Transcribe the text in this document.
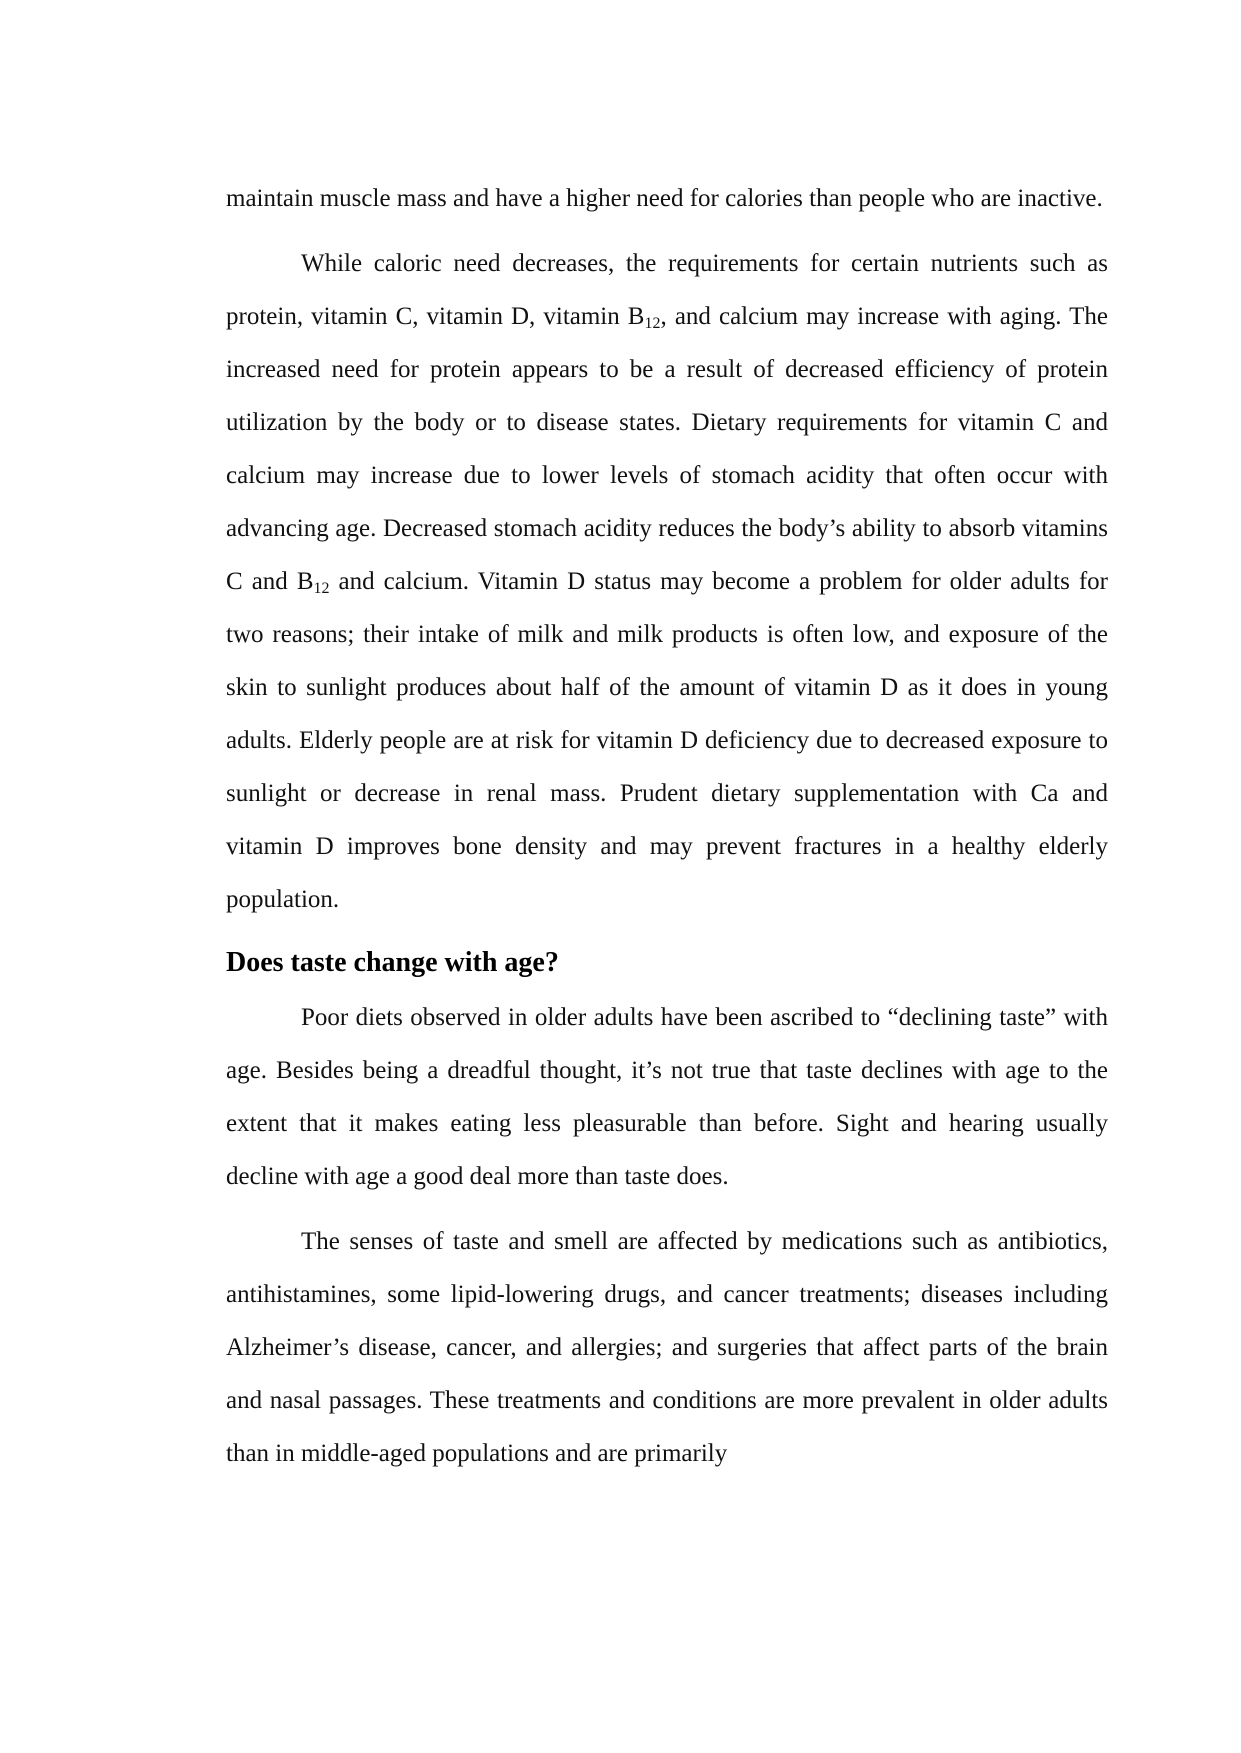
maintain muscle mass and have a higher need for calories than people who are inactive.

While caloric need decreases, the requirements for certain nutrients such as protein, vitamin C, vitamin D, vitamin $B_{12}$, and calcium may increase with aging. The increased need for protein appears to be a result of decreased efficiency of protein utilization by the body or to disease states. Dietary requirements for vitamin C and calcium may increase due to lower levels of stomach acidity that often occur with advancing age. Decreased stomach acidity reduces the body’s ability to absorb vitamins C and $B_{12}$ and calcium. Vitamin D status may become a problem for older adults for two reasons; their intake of milk and milk products is often low, and exposure of the skin to sunlight produces about half of the amount of vitamin D as it does in young adults. Elderly people are at risk for vitamin D deficiency due to decreased exposure to sunlight or decrease in renal mass. Prudent dietary supplementation with Ca and vitamin D improves bone density and may prevent fractures in a healthy elderly population.

Does taste change with age?

Poor diets observed in older adults have been ascribed to “declining taste” with age. Besides being a dreadful thought, it’s not true that taste declines with age to the extent that it makes eating less pleasurable than before. Sight and hearing usually decline with age a good deal more than taste does.

The senses of taste and smell are affected by medications such as antibiotics, antihistamines, some lipid-lowering drugs, and cancer treatments; diseases including Alzheimer’s disease, cancer, and allergies; and surgeries that affect parts of the brain and nasal passages. These treatments and conditions are more prevalent in older adults than in middle-aged populations and are primarily
